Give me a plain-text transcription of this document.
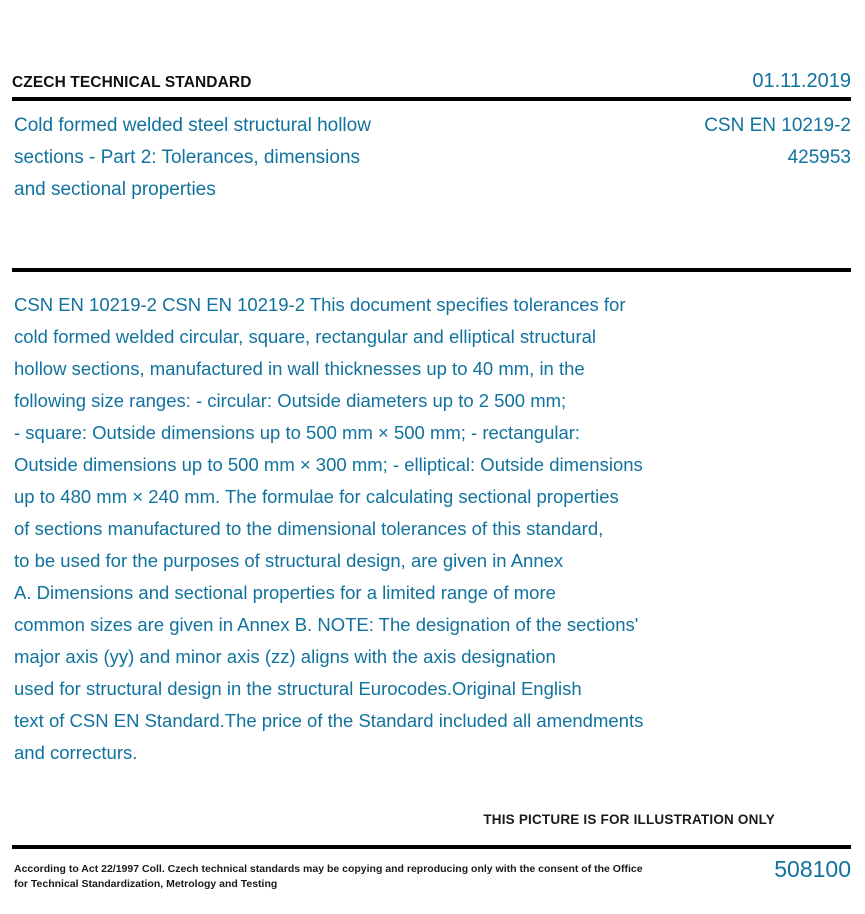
CZECH TECHNICAL STANDARD	01.11.2019
Cold formed welded steel structural hollow
sections - Part 2: Tolerances, dimensions
and sectional properties
CSN EN 10219-2
425953
CSN EN 10219-2 CSN EN 10219-2 This document specifies tolerances for
cold formed welded circular, square, rectangular and elliptical structural
hollow sections, manufactured in wall thicknesses up to 40 mm, in the
following size ranges: - circular: Outside diameters up to 2 500 mm;
- square: Outside dimensions up to 500 mm × 500 mm; - rectangular:
Outside dimensions up to 500 mm × 300 mm; - elliptical: Outside dimensions
up to 480 mm × 240 mm. The formulae for calculating sectional properties
of sections manufactured to the dimensional tolerances of this standard,
to be used for the purposes of structural design, are given in Annex
A. Dimensions and sectional properties for a limited range of more
common sizes are given in Annex B. NOTE: The designation of the sections'
major axis (yy) and minor axis (zz) aligns with the axis designation
used for structural design in the structural Eurocodes.Original English
text of CSN EN Standard.The price of the Standard included all amendments
and correcturs.
THIS PICTURE IS FOR ILLUSTRATION ONLY
According to Act 22/1997 Coll. Czech technical standards may be copying and reproducing only with the consent of the Office
for Technical Standardization, Metrology and Testing
508100
